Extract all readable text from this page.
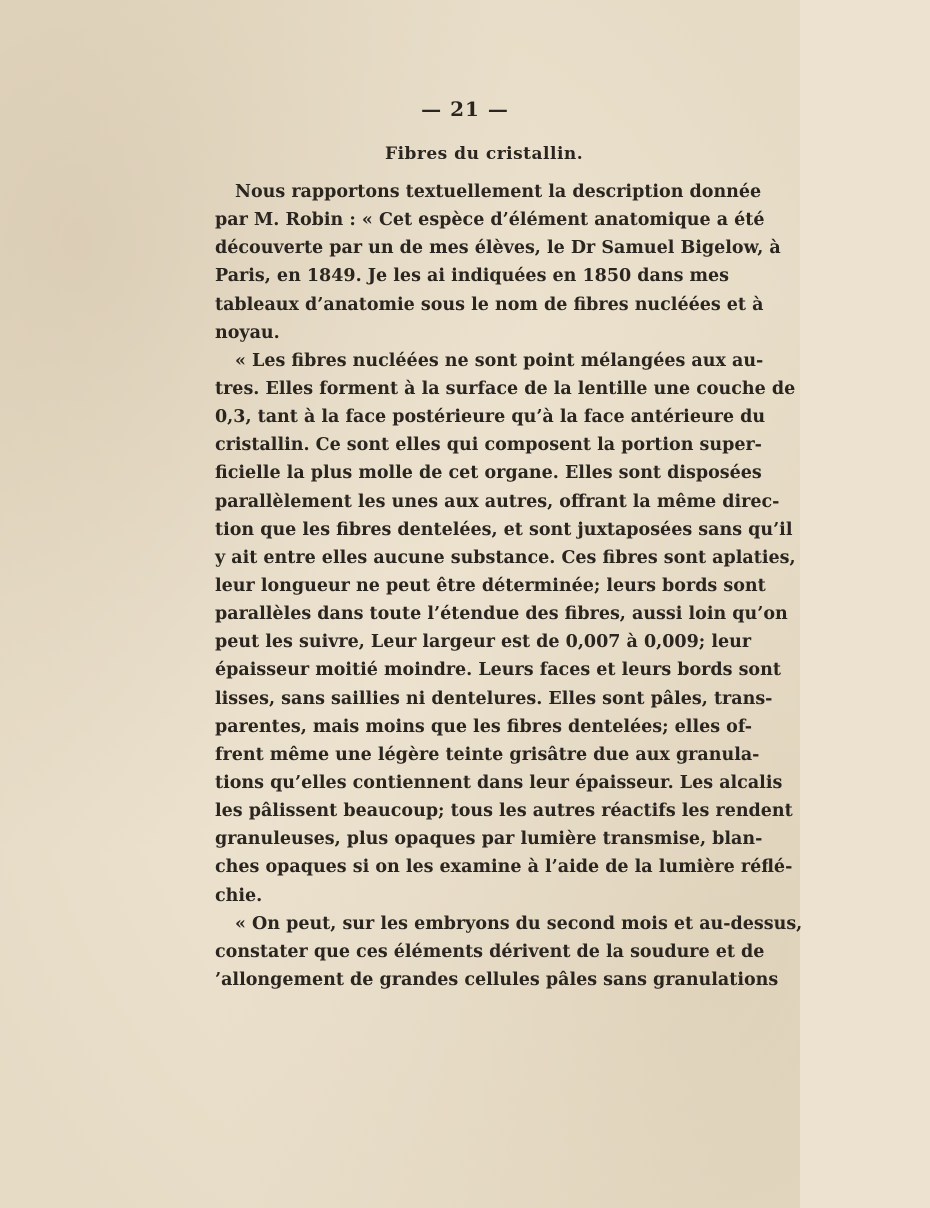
— 21 —
Fibres du cristallin.
Nous rapportons textuellement la description donnée
par M. Robin : « Cet espèce d’élément anatomique a été
découverte par un de mes élèves, le Dr Samuel Bigelow, à
Paris, en 1849. Je les ai indiquées en 1850 dans mes
tableaux d’anatomie sous le nom de fibres nucléées et à
noyau.
« Les fibres nucléées ne sont point mélangées aux au-
tres. Elles forment à la surface de la lentille une couche de
0,3, tant à la face postérieure qu’à la face antérieure du
cristallin. Ce sont elles qui composent la portion super-
ficielle la plus molle de cet organe. Elles sont disposées
parallèlement les unes aux autres, offrant la même direc-
tion que les fibres dentelées, et sont juxtaposées sans qu’il
y ait entre elles aucune substance. Ces fibres sont aplaties,
leur longueur ne peut être déterminée; leurs bords sont
parallèles dans toute l’étendue des fibres, aussi loin qu’on
peut les suivre, Leur largeur est de 0,007 à 0,009; leur
épaisseur moitié moindre. Leurs faces et leurs bords sont
lisses, sans saillies ni dentelures. Elles sont pâles, trans-
parentes, mais moins que les fibres dentelées; elles of-
frent même une légère teinte grisâtre due aux granula-
tions qu’elles contiennent dans leur épaisseur. Les alcalis
les pâlissent beaucoup; tous les autres réactifs les rendent
granuleuses, plus opaques par lumière transmise, blan-
ches opaques si on les examine à l’aide de la lumière réflé-
chie.
« On peut, sur les embryons du second mois et au-dessus,
constater que ces éléments dérivent de la soudure et de
’allongement de grandes cellules pâles sans granulations
